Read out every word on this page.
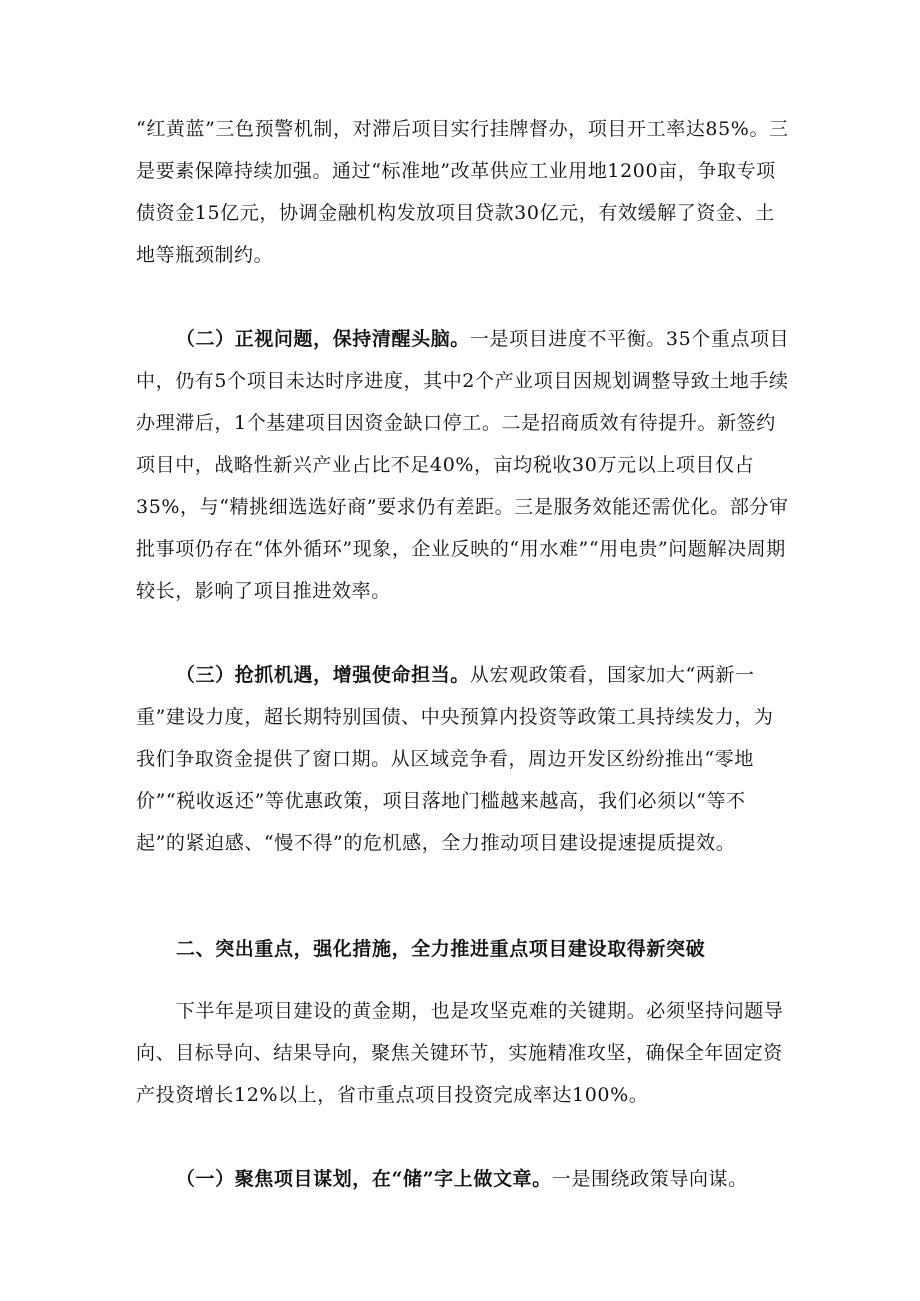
“红黄蓝”三色预警机制，对滞后项目实行挂牌督办，项目开工率达85%。三是要素保障持续加强。通过“标准地”改革供应工业用地1200亩，争取专项债资金15亿元，协调金融机构发放项目贷款30亿元，有效缓解了资金、土地等瓶颈制约。

（二）正视问题，保持清醒头脑。一是项目进度不平衡。35个重点项目中，仍有5个项目未达时序进度，其中2个产业项目因规划调整导致土地手续办理滞后，1个基建项目因资金缺口停工。二是招商质效有待提升。新签约项目中，战略性新兴产业占比不足40%，亩均税收30万元以上项目仅占35%，与“精挑细选选好商”要求仍有差距。三是服务效能还需优化。部分审批事项仍存在“体外循环”现象，企业反映的“用水难”“用电贵”问题解决周期较长，影响了项目推进效率。

（三）抢抓机遇，增强使命担当。从宏观政策看，国家加大“两新一重”建设力度，超长期特别国债、中央预算内投资等政策工具持续发力，为我们争取资金提供了窗口期。从区域竞争看，周边开发区纷纷推出“零地价”“税收返还”等优惠政策，项目落地门槛越来越高，我们必须以“等不起”的紧迫感、“慢不得”的危机感，全力推动项目建设提速提质提效。

二、突出重点，强化措施，全力推进重点项目建设取得新突破

下半年是项目建设的黄金期，也是攻坚克难的关键期。必须坚持问题导向、目标导向、结果导向，聚焦关键环节，实施精准攻坚，确保全年固定资产投资增长12%以上，省市重点项目投资完成率达100%。

（一）聚焦项目谋划，在“储”字上做文章。一是围绕政策导向谋。
